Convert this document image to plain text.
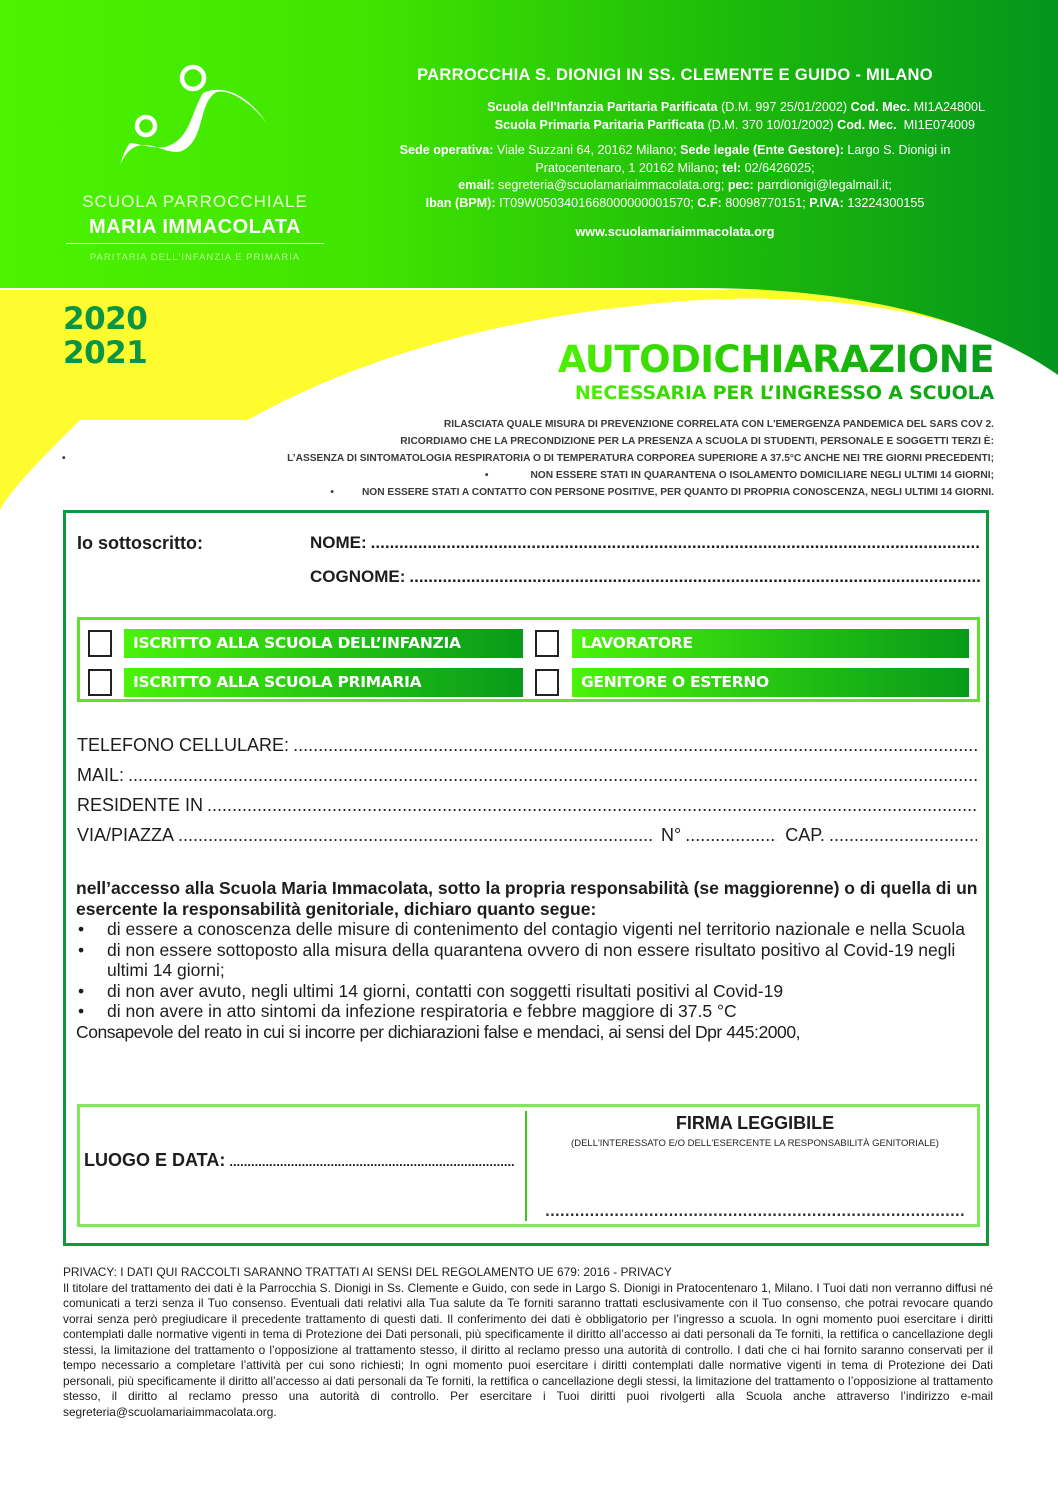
SCUOLA PARROCCHIALE
MARIA IMMACOLATA
PARITARIA DELL'INFANZIA E PRIMARIA
PARROCCHIA S. DIONIGI IN SS. CLEMENTE E GUIDO - MILANO
Scuola dell'Infanzia Paritaria Parificata (D.M. 997 25/01/2002) Cod. Mec. MI1A24800L
Scuola Primaria Paritaria Parificata (D.M. 370 10/01/2002) Cod. Mec.  MI1E074009
Sede operativa: Viale Suzzani 64, 20162 Milano; Sede legale (Ente Gestore): Largo S. Dionigi in Pratocentenaro, 1 20162 Milano; tel: 02/6426025;
email: segreteria@scuolamariaimmacolata.org; pec: parrdionigi@legalmail.it;
Iban (BPM): IT09W0503401668000000001570; C.F: 80098770151; P.IVA: 13224300155
www.scuolamariaimmacolata.org
2020
2021	AUTODICHIARAZIONE
NECESSARIA PER L’INGRESSO A SCUOLA
RILASCIATA QUALE MISURA DI PREVENZIONE CORRELATA CON L'EMERGENZA PANDEMICA DEL SARS COV 2.
RICORDIAMO CHE LA PRECONDIZIONE PER LA PRESENZA A SCUOLA DI STUDENTI, PERSONALE E SOGGETTI TERZI È:
•	L’ASSENZA DI SINTOMATOLOGIA RESPIRATORIA O DI TEMPERATURA CORPOREA SUPERIORE A 37.5°C ANCHE NEI TRE GIORNI PRECEDENTI;
•	NON ESSERE STATI IN QUARANTENA O ISOLAMENTO DOMICILIARE NEGLI ULTIMI 14 GIORNI;
•	NON ESSERE STATI A CONTATTO CON PERSONE POSITIVE, PER QUANTO DI PROPRIA CONOSCENZA, NEGLI ULTIMI 14 GIORNI.
Io sottoscritto:	NOME:
.....
COGNOME:
.....
ISCRITTO ALLA SCUOLA DELL’INFANZIA	LAVORATORE
ISCRITTO ALLA SCUOLA PRIMARIA	GENITORE O ESTERNO
TELEFONO CELLULARE:
.....
MAIL:
.....
RESIDENTE IN
.....
VIA/PIAZZA .....	N° .....	CAP.
.....
nell’accesso alla Scuola Maria Immacolata, sotto la propria responsabilità (se maggiorenne) o di quella di un esercente la responsabilità genitoriale, dichiaro quanto segue:
• di essere a conoscenza delle misure di contenimento del contagio vigenti nel territorio nazionale e nella Scuola
• di non essere sottoposto alla misura della quarantena ovvero di non essere risultato positivo al Covid-19 negli ultimi 14 giorni;
• di non aver avuto, negli ultimi 14 giorni, contatti con soggetti risultati positivi al Covid-19
• di non avere in atto sintomi da infezione respiratoria e febbre maggiore di 37.5 °C
Consapevole del reato in cui si incorre per dichiarazioni false e mendaci, ai sensi del Dpr 445:2000,
LUOGO E DATA:
.....
FIRMA LEGGIBILE
(DELL'INTERESSATO E/O DELL'ESERCENTE LA RESPONSABILITÀ GENITORIALE)
.....
PRIVACY: I DATI QUI RACCOLTI SARANNO TRATTATI AI SENSI DEL REGOLAMENTO UE 679: 2016 - PRIVACY
Il titolare del trattamento dei dati è la Parrocchia S. Dionigi in Ss. Clemente e Guido, con sede in Largo S. Dionigi in Pratocentenaro 1, Milano. I Tuoi dati non verranno diffusi né comunicati a terzi senza il Tuo consenso. Eventuali dati relativi alla Tua salute da Te forniti saranno trattati esclusivamente con il Tuo consenso, che potrai revocare quando vorrai senza però pregiudicare il precedente trattamento di questi dati. Il conferimento dei dati è obbligatorio per l’ingresso a scuola. In ogni momento puoi esercitare i diritti contemplati dalle normative vigenti in tema di Protezione dei Dati personali, più specificamente il diritto all’accesso ai dati personali da Te forniti, la rettifica o cancellazione degli stessi, la limitazione del trattamento o l’opposizione al trattamento stesso, il diritto al reclamo presso una autorità di controllo. I dati che ci hai fornito saranno conservati per il tempo necessario a completare l’attività per cui sono richiesti; In ogni momento puoi esercitare i diritti contemplati dalle normative vigenti in tema di Protezione dei Dati personali, più specificamente il diritto all’accesso ai dati personali da Te forniti, la rettifica o cancellazione degli stessi, la limitazione del trattamento o l’opposizione al trattamento stesso, il diritto al reclamo presso una autorità di controllo. Per esercitare i Tuoi diritti puoi rivolgerti alla Scuola anche attraverso l’indirizzo e-mail segreteria@scuolamariaimmacolata.org.
